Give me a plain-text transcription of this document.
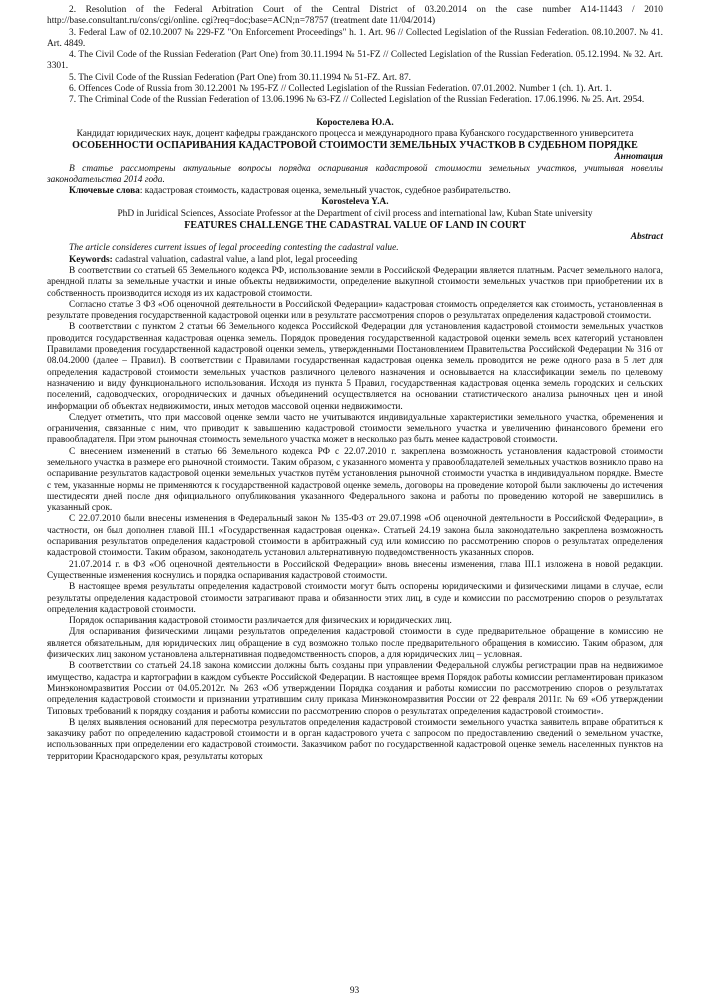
2. Resolution of the Federal Arbitration Court of the Central District of 03.20.2014 on the case number A14-11443 / 2010 http://base.consultant.ru/cons/cgi/online. cgi?req=doc;base=ACN;n=78757 (treatment date 11/04/2014)

3. Federal Law of 02.10.2007 № 229-FZ "On Enforcement Proceedings" h. 1. Art. 96 // Collected Legislation of the Russian Federation. 08.10.2007. № 41. Art. 4849.

4. The Civil Code of the Russian Federation (Part One) from 30.11.1994 № 51-FZ // Collected Legislation of the Russian Federation. 05.12.1994. № 32. Art. 3301.

5. The Civil Code of the Russian Federation (Part One) from 30.11.1994 № 51-FZ. Art. 87.

6. Offences Code of Russia from 30.12.2001 № 195-FZ // Collected Legislation of the Russian Federation. 07.01.2002. Number 1 (ch. 1). Art. 1.

7. The Criminal Code of the Russian Federation of 13.06.1996 № 63-FZ // Collected Legislation of the Russian Federation. 17.06.1996. № 25. Art. 2954.

Коростелева Ю.А.

Кандидат юридических наук, доцент кафедры гражданского процесса и международного права Кубанского государственного университета

ОСОБЕННОСТИ ОСПАРИВАНИЯ КАДАСТРОВОЙ СТОИМОСТИ ЗЕМЕЛЬНЫХ УЧАСТКОВ В СУДЕБНОМ ПОРЯДКЕ

Аннотация

В статье рассмотрены актуальные вопросы порядка оспаривания кадастровой стоимости земельных участков, учитывая новеллы законодательства 2014 года.

Ключевые слова: кадастровая стоимость, кадастровая оценка, земельный участок, судебное разбирательство.

Korosteleva Y.A.

PhD in Juridical Sciences, Associate Professor at the Department of civil process and international law, Kuban State university

FEATURES CHALLENGE THE CADASTRAL VALUE OF LAND IN COURT

Abstract

The article consideres current issues of legal proceeding contesting the cadastral value.

Keywords: cadastral valuation, cadastral value, a land plot, legal proceeding

В соответствии со статьей 65 Земельного кодекса РФ, использование земли в Российской Федерации является платным. Расчет земельного налога, арендной платы за земельные участки и иные объекты недвижимости, определение выкупной стоимости земельных участков при приобретении их в собственность производится исходя из их кадастровой стоимости.

Согласно статье 3 ФЗ «Об оценочной деятельности в Российской Федерации» кадастровая стоимость определяется как стоимость, установленная в результате проведения государственной кадастровой оценки или в результате рассмотрения споров о результатах определения кадастровой стоимости.

В соответствии с пунктом 2 статьи 66 Земельного кодекса Российской Федерации для установления кадастровой стоимости земельных участков проводится государственная кадастровая оценка земель. Порядок проведения государственной кадастровой оценки земель всех категорий установлен Правилами проведения государственной кадастровой оценки земель, утвержденными Постановлением Правительства Российской Федерации № 316 от 08.04.2000 (далее – Правил). В соответствии с Правилами государственная кадастровая оценка земель проводится не реже одного раза в 5 лет для определения кадастровой стоимости земельных участков различного целевого назначения и основывается на классификации земель по целевому назначению и виду функционального использования. Исходя из пункта 5 Правил, государственная кадастровая оценка земель городских и сельских поселений, садоводческих, огороднических и дачных объединений осуществляется на основании статистического анализа рыночных цен и иной информации об объектах недвижимости, иных методов массовой оценки недвижимости.

Следует отметить, что при массовой оценке земли часто не учитываются индивидуальные характеристики земельного участка, обременения и ограничения, связанные с ним, что приводит к завышению кадастровой стоимости земельного участка и увеличению финансового бремени его правообладателя. При этом рыночная стоимость земельного участка может в несколько раз быть менее кадастровой стоимости.

С внесением изменений в статью 66 Земельного кодекса РФ с 22.07.2010 г. закреплена возможность установления кадастровой стоимости земельного участка в размере его рыночной стоимости. Таким образом, с указанного момента у правообладателей земельных участков возникло право на оспаривание результатов кадастровой оценки земельных участков путём установления рыночной стоимости участка в индивидуальном порядке. Вместе с тем, указанные нормы не применяются к государственной кадастровой оценке земель, договоры на проведение которой были заключены до истечения шестидесяти дней после дня официального опубликования указанного Федерального закона и работы по проведению которой не завершились в указанный срок.

С 22.07.2010 были внесены изменения в Федеральный закон № 135-ФЗ от 29.07.1998 «Об оценочной деятельности в Российской Федерации», в частности, он был дополнен главой III.1 «Государственная кадастровая оценка». Статьей 24.19 закона была законодательно закреплена возможность оспаривания результатов определения кадастровой стоимости в арбитражный суд или комиссию по рассмотрению споров о результатах определения кадастровой стоимости. Таким образом, законодатель установил альтернативную подведомственность указанных споров.

21.07.2014 г. в ФЗ «Об оценочной деятельности в Российской Федерации» вновь внесены изменения, глава III.1 изложена в новой редакции. Существенные изменения коснулись и порядка оспаривания кадастровой стоимости.

В настоящее время результаты определения кадастровой стоимости могут быть оспорены юридическими и физическими лицами в случае, если результаты определения кадастровой стоимости затрагивают права и обязанности этих лиц, в суде и комиссии по рассмотрению споров о результатах определения кадастровой стоимости.

Порядок оспаривания кадастровой стоимости различается для физических и юридических лиц.

Для оспаривания физическими лицами результатов определения кадастровой стоимости в суде предварительное обращение в комиссию не является обязательным, для юридических лиц обращение в суд возможно только после предварительного обращения в комиссию. Таким образом, для физических лиц законом установлена альтернативная подведомственность споров, а для юридических лиц – условная.

В соответствии со статьей 24.18 закона комиссии должны быть созданы при управлении Федеральной службы регистрации прав на недвижимое имущество, кадастра и картографии в каждом субъекте Российской Федерации. В настоящее время Порядок работы комиссии регламентирован приказом Минэкономразвития России от 04.05.2012г. № 263 «Об утверждении Порядка создания и работы комиссии по рассмотрению споров о результатах определения кадастровой стоимости и признании утратившим силу приказа Минэкономразвития России от 22 февраля 2011г. № 69 «Об утверждении Типовых требований к порядку создания и работы комиссии по рассмотрению споров о результатах определения кадастровой стоимости».

В целях выявления оснований для пересмотра результатов определения кадастровой стоимости земельного участка заявитель вправе обратиться к заказчику работ по определению кадастровой стоимости и в орган кадастрового учета с запросом по предоставлению сведений о земельном участке, использованных при определении его кадастровой стоимости. Заказчиком работ по государственной кадастровой оценке земель населенных пунктов на территории Краснодарского края, результаты которых

93
